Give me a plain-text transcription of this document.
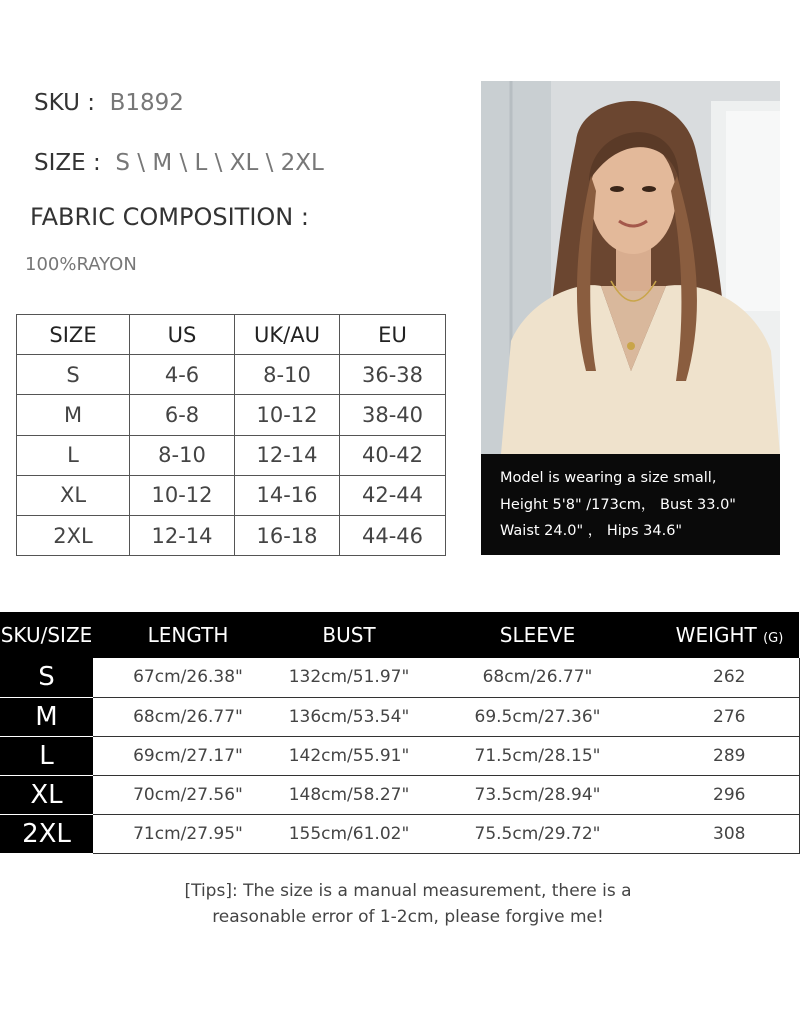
SKU : B1892
SIZE : S \ M \ L \ XL \ 2XL
FABRIC COMPOSITION :
100%RAYON
SIZE	US	UK/AU	EU
S	4-6	8-10	36-38
M	6-8	10-12	38-40
L	8-10	12-14	40-42
XL	10-12	14-16	42-44
2XL	12-14	16-18	44-46
Model is wearing a size small,
Height 5'8" /173cm， Bust 33.0"
Waist 24.0" ， Hips 34.6"
SKU/SIZE	LENGTH	BUST	SLEEVE	WEIGHT (G)
S	67cm/26.38"	132cm/51.97"	68cm/26.77"	262
M	68cm/26.77"	136cm/53.54"	69.5cm/27.36"	276
L	69cm/27.17"	142cm/55.91"	71.5cm/28.15"	289
XL	70cm/27.56"	148cm/58.27"	73.5cm/28.94"	296
2XL	71cm/27.95"	155cm/61.02"	75.5cm/29.72"	308
[Tips]: The size is a manual measurement, there is a
reasonable error of 1-2cm, please forgive me!
